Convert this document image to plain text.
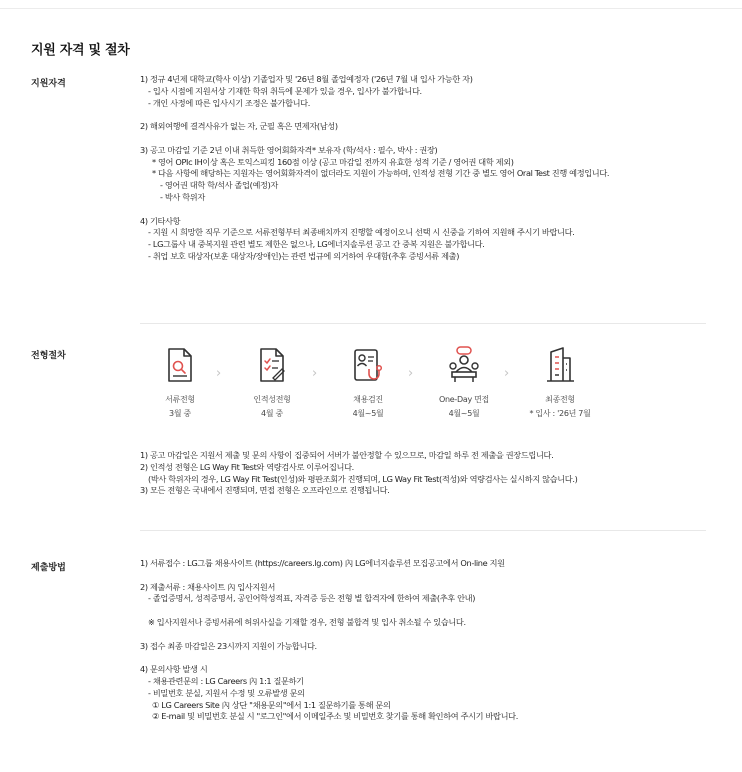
지원 자격 및 절차
지원자격	1) 정규 4년제 대학교(학사 이상) 기졸업자 및 '26년 8월 졸업예정자 ('26년 7월 내 입사 가능한 자)
- 입사 시점에 지원서상 기재한 학위 취득에 문제가 있을 경우, 입사가 불가합니다.
- 개인 사정에 따른 입사시기 조정은 불가합니다.
2) 해외여행에 결격사유가 없는 자, 군필 혹은 면제자(남성)
3) 공고 마감일 기준 2년 이내 취득한 영어회화자격* 보유자 (학/석사 : 필수, 박사 : 권장)
* 영어 OPIc IH이상 혹은 토익스피킹 160점 이상 (공고 마감일 전까지 유효한 성적 기준 / 영어권 대학 제외)
* 다음 사항에 해당하는 지원자는 영어회화자격이 없더라도 지원이 가능하며, 인적성 전형 기간 중 별도 영어 Oral Test 진행 예정입니다.
- 영어권 대학 학/석사 졸업(예정)자
- 박사 학위자
4) 기타사항
- 지원 시 희망한 직무 기준으로 서류전형부터 최종배치까지 진행할 예정이오니 선택 시 신중을 기하여 지원해 주시기 바랍니다.
- LG그룹사 내 중복지원 관련 별도 제한은 없으나, LG에너지솔루션 공고 간 중복 지원은 불가합니다.
- 취업 보호 대상자(보훈 대상자/장애인)는 관련 법규에 의거하여 우대함(추후 증빙서류 제출)
전형절차
서류전형
3월 중
›
인적성전형
4월 중
›
채용검진
4월~5월
›
One-Day 면접
4월~5월
›
최종전형
* 입사 : '26년 7월
1) 공고 마감일은 지원서 제출 및 문의 사항이 집중되어 서버가 불안정할 수 있으므로, 마감일 하루 전 제출을 권장드립니다.
2) 인적성 전형은 LG Way Fit Test와 역량검사로 이루어집니다.
(박사 학위자의 경우, LG Way Fit Test(인성)와 평판조회가 진행되며, LG Way Fit Test(적성)와 역량검사는 실시하지 않습니다.)
3) 모든 전형은 국내에서 진행되며, 면접 전형은 오프라인으로 진행됩니다.
제출방법	1) 서류접수 : LG그룹 채용사이트 (https://careers.lg.com) 內 LG에너지솔루션 모집공고에서 On-line 지원
2) 제출서류 : 채용사이트 內 입사지원서
- 졸업증명서, 성적증명서, 공인어학성적표, 자격증 등은 전형 별 합격자에 한하여 제출(추후 안내)
※ 입사지원서나 증빙서류에 허위사실을 기재할 경우, 전형 불합격 및 입사 취소될 수 있습니다.
3) 접수 최종 마감일은 23시까지 지원이 가능합니다.
4) 문의사항 발생 시
- 채용관련문의 : LG Careers 內 1:1 질문하기
- 비밀번호 분실, 지원서 수정 및 오류발생 문의
① LG Careers Site 內 상단 "채용문의"에서 1:1 질문하기를 통해 문의
② E-mail 및 비밀번호 분실 시 "로그인"에서 이메일주소 및 비밀번호 찾기를 통해 확인하여 주시기 바랍니다.
